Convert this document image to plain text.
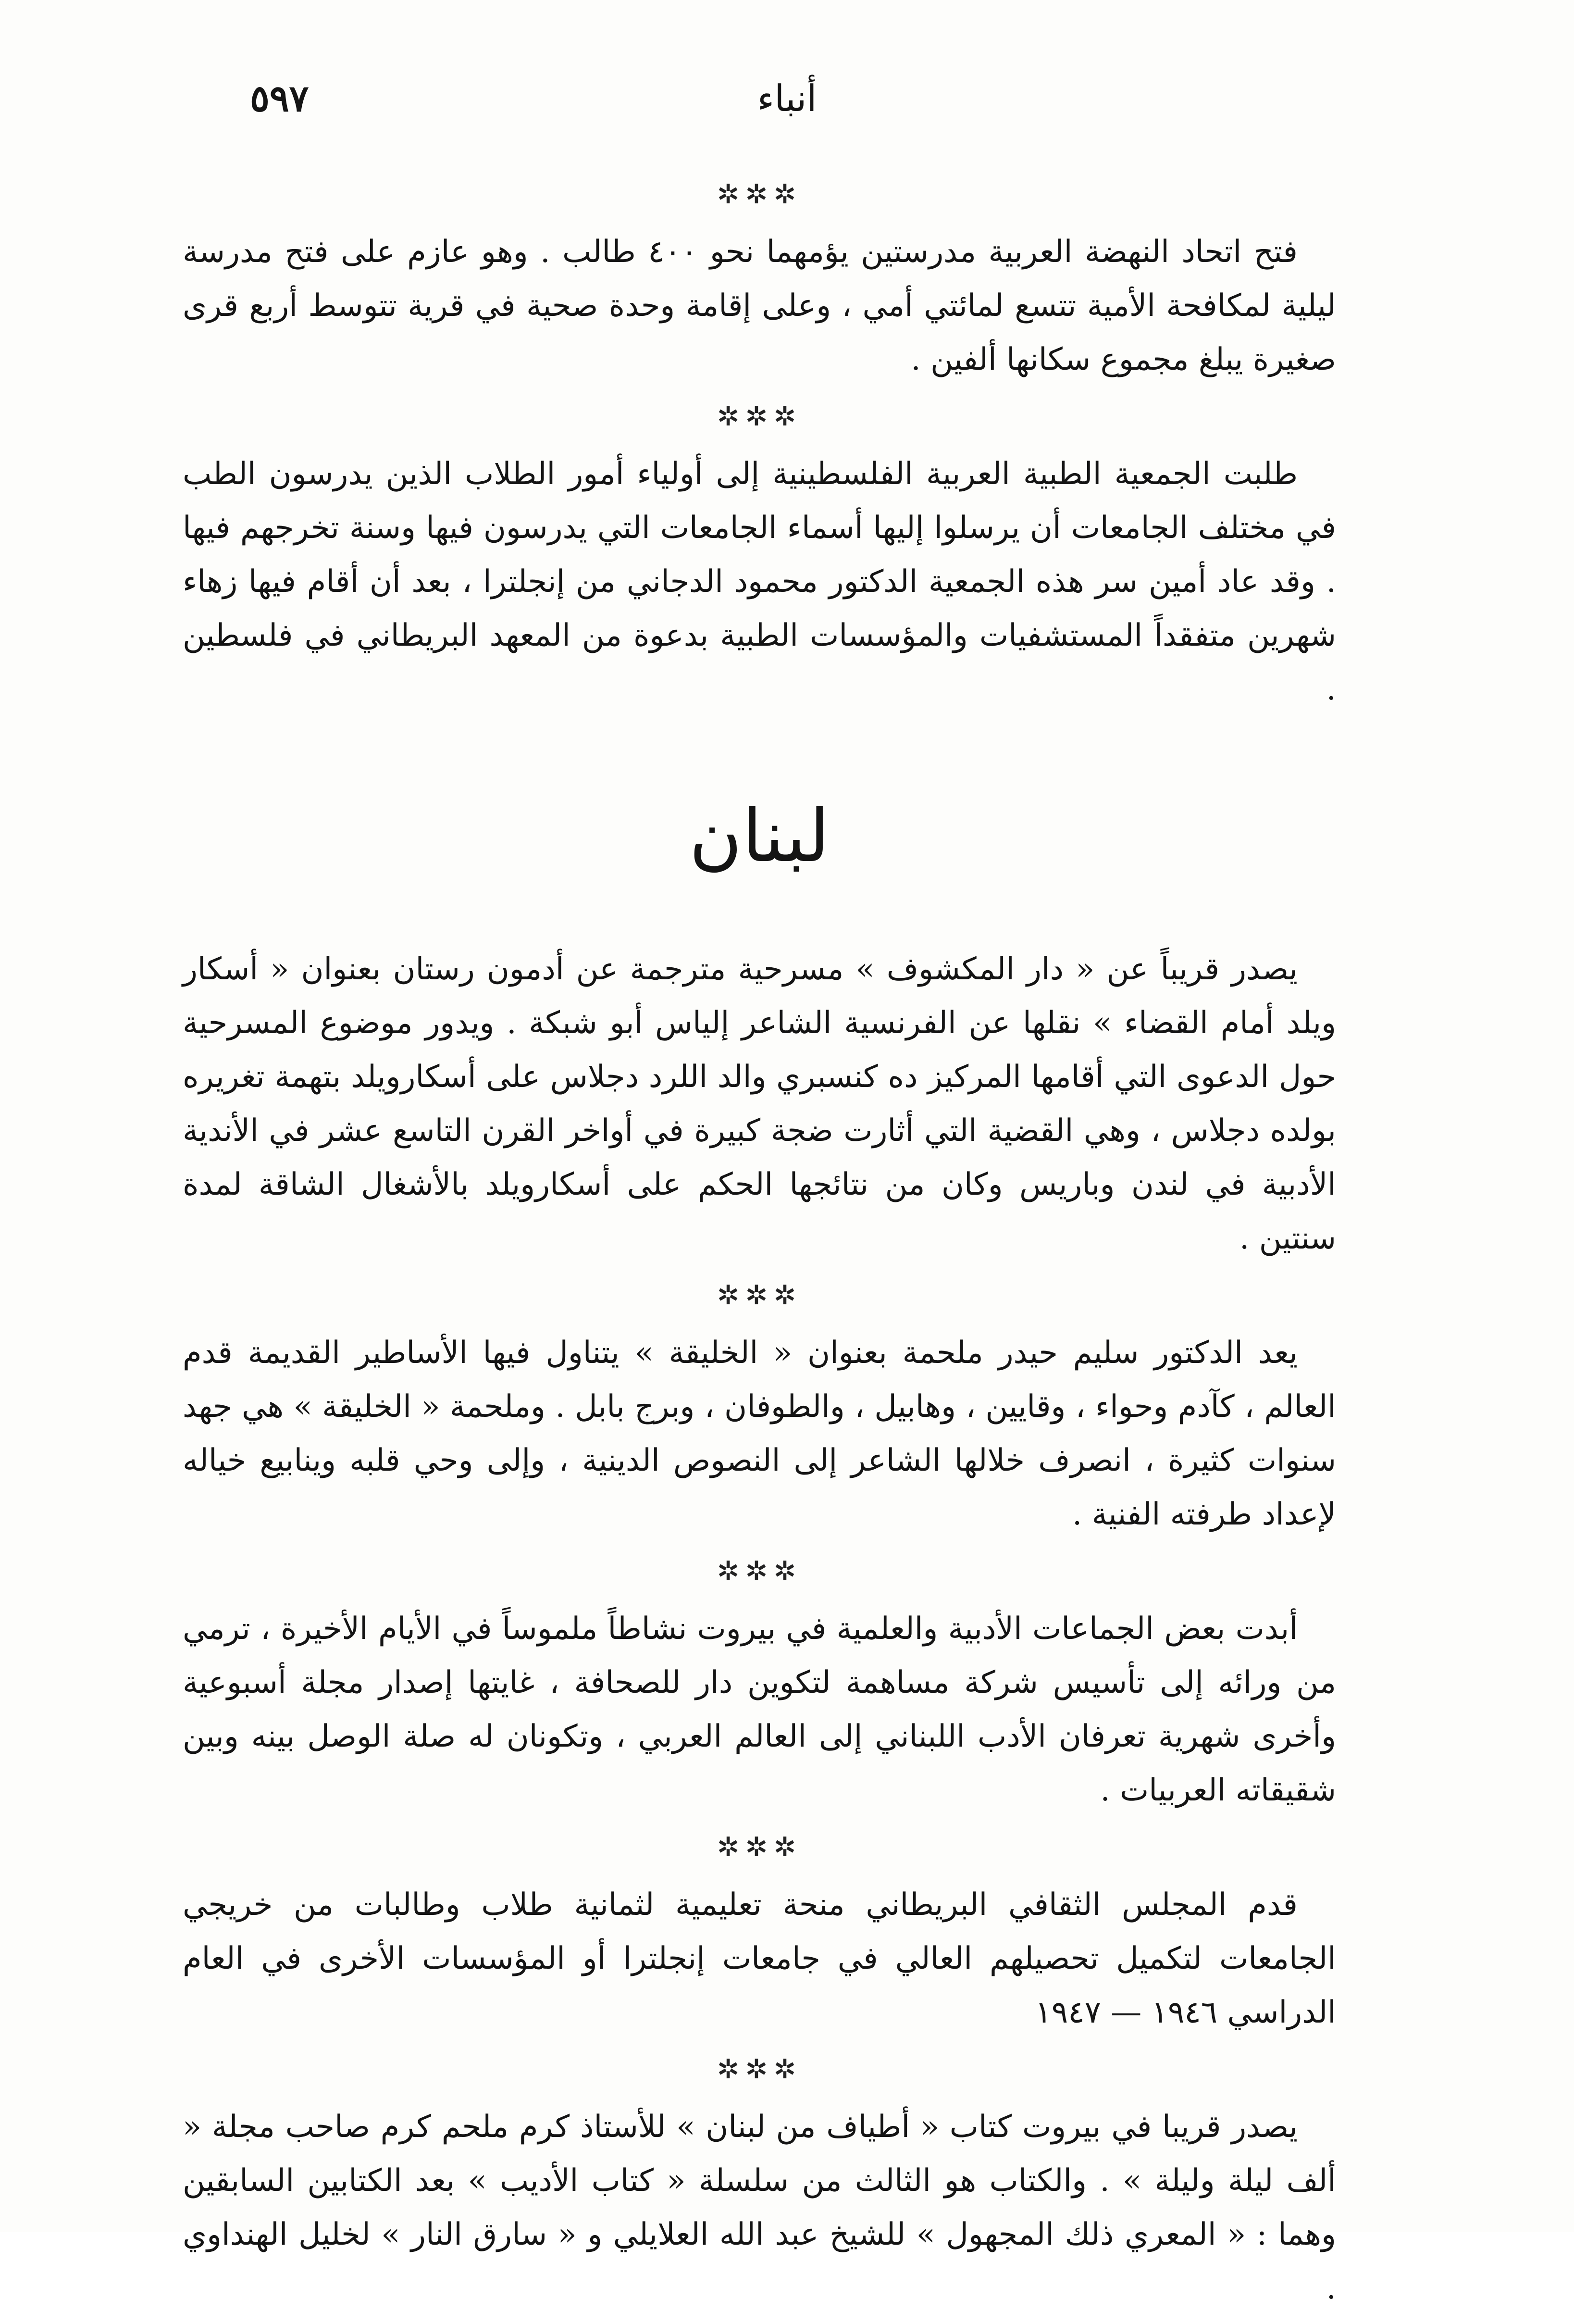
٥٩٧	أنباء
✲✲✲

فتح اتحاد النهضة العربية مدرستين يؤمهما نحو ٤٠٠ طالب . وهو عازم على فتح مدرسة ليلية لمكافحة الأمية تتسع لمائتي أمي ، وعلى إقامة وحدة صحية في قرية تتوسط أربع قرى صغيرة يبلغ مجموع سكانها ألفين .

✲✲✲

طلبت الجمعية الطبية العربية الفلسطينية إلى أولياء أمور الطلاب الذين يدرسون الطب في مختلف الجامعات أن يرسلوا إليها أسماء الجامعات التي يدرسون فيها وسنة تخرجهم فيها . وقد عاد أمين سر هذه الجمعية الدكتور محمود الدجاني من إنجلترا ، بعد أن أقام فيها زهاء شهرين متفقداً المستشفيات والمؤسسات الطبية بدعوة من المعهد البريطاني في فلسطين .

لبنان

يصدر قريباً عن « دار المكشوف » مسرحية مترجمة عن أدمون رستان بعنوان « أسكار ويلد أمام القضاء » نقلها عن الفرنسية الشاعر إلياس أبو شبكة . ويدور موضوع المسرحية حول الدعوى التي أقامها المركيز ده كنسبري والد اللرد دجلاس على أسكارويلد بتهمة تغريره بولده دجلاس ، وهي القضية التي أثارت ضجة كبيرة في أواخر القرن التاسع عشر في الأندية الأدبية في لندن وباريس وكان من نتائجها الحكم على أسكارويلد بالأشغال الشاقة لمدة سنتين .

✲✲✲

يعد الدكتور سليم حيدر ملحمة بعنوان « الخليقة » يتناول فيها الأساطير القديمة قدم العالم ، كآدم وحواء ، وقايين ، وهابيل ، والطوفان ، وبرج بابل . وملحمة « الخليقة » هي جهد سنوات كثيرة ، انصرف خلالها الشاعر إلى النصوص الدينية ، وإلى وحي قلبه وينابيع خياله لإعداد طرفته الفنية .

✲✲✲

أبدت بعض الجماعات الأدبية والعلمية في بيروت نشاطاً ملموساً في الأيام الأخيرة ، ترمي من ورائه إلى تأسيس شركة مساهمة لتكوين دار للصحافة ، غايتها إصدار مجلة أسبوعية وأخرى شهرية تعرفان الأدب اللبناني إلى العالم العربي ، وتكونان له صلة الوصل بينه وبين شقيقاته العربيات .

✲✲✲

قدم المجلس الثقافي البريطاني منحة تعليمية لثمانية طلاب وطالبات من خريجي الجامعات لتكميل تحصيلهم العالي في جامعات إنجلترا أو المؤسسات الأخرى في العام الدراسي ١٩٤٦ — ١٩٤٧

✲✲✲

يصدر قريبا في بيروت كتاب « أطياف من لبنان » للأستاذ كرم ملحم كرم صاحب مجلة « ألف ليلة وليلة » . والكتاب هو الثالث من سلسلة « كتاب الأديب » بعد الكتابين السابقين وهما : « المعري ذلك المجهول » للشيخ عبد الله العلايلي و « سارق النار » لخليل الهنداوي .
